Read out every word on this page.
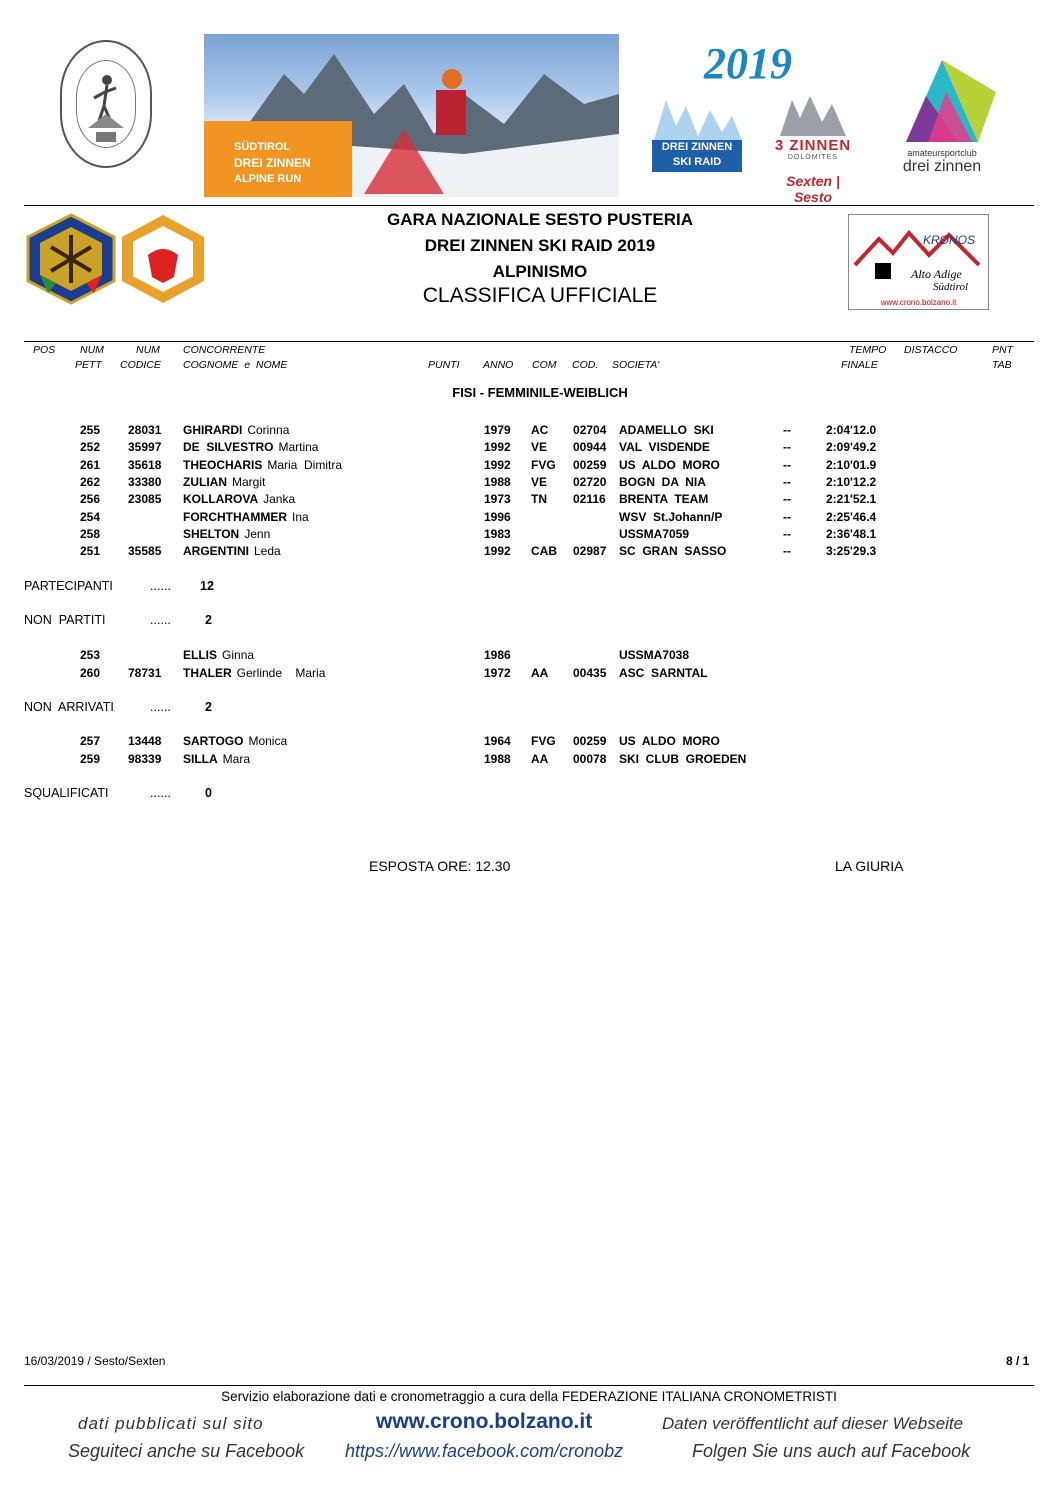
SÜDTIROL
DREI ZINNEN
ALPINE RUN
2019
DREI ZINNEN
SKI RAID
3 ZINNEN
DOLOMITES
Sexten | Sesto
amateursportclub
drei zinnen
KRONOS
Alto Adige
Südtirol
www.crono.bolzano.it
GARA NAZIONALE SESTO PUSTERIA
DREI ZINNEN SKI RAID 2019
ALPINISMO
CLASSIFICA UFFICIALE
POS NUM
PETT
NUM
CODICE
CONCORRENTE
COGNOME  e  NOME	PUNTI ANNO COM COD. SOCIETA'
TEMPO
FINALE
DISTACCO	PNT
TAB
FISI - FEMMINILE-WEIBLICH
255 28031 GHIRARDI Corinna	1979 AC 02704 ADAMELLO  SKI	--	2:04'12.0
252 35997 DE  SILVESTRO Martina	1992 VE 00944 VAL  VISDENDE	--	2:09'49.2
261 35618 THEOCHARIS Maria  Dimitra	1992 FVG 00259 US  ALDO  MORO	--	2:10'01.9
262 33380 ZULIAN Margit	1988 VE 02720 BOGN  DA  NIA	--	2:10'12.2
256 23085 KOLLAROVA Janka	1973 TN 02116 BRENTA  TEAM	--	2:21'52.1
254	FORCHTHAMMER Ina	1996	WSV  St.Johann/P	--	2:25'46.4
258	SHELTON Jenn	1983	USSMA7059	--	2:36'48.1
251 35585 ARGENTINI Leda	1992 CAB 02987 SC  GRAN  SASSO	--	3:25'29.3
PARTECIPANTI	...... 12
NON  PARTITI	......	2
253	ELLIS Ginna	1986	USSMA7038
260 78731 THALER Gerlinde    Maria	1972 AA 00435 ASC  SARNTAL
NON  ARRIVATI	......	2
257 13448 SARTOGO Monica	1964 FVG 00259 US  ALDO  MORO
259 98339 SILLA Mara	1988 AA 00078 SKI  CLUB  GROEDEN
SQUALIFICATI	......	0
ESPOSTA ORE: 12.30	LA GIURIA
16/03/2019 / Sesto/Sexten	8 / 1
Servizio elaborazione dati e cronometraggio a cura della FEDERAZIONE ITALIANA CRONOMETRISTI
dati pubblicati sul sito	www.crono.bolzano.it	Daten veröffentlicht auf dieser Webseite
Seguiteci anche su Facebook https://www.facebook.com/cronobz	Folgen Sie uns auch auf Facebook
